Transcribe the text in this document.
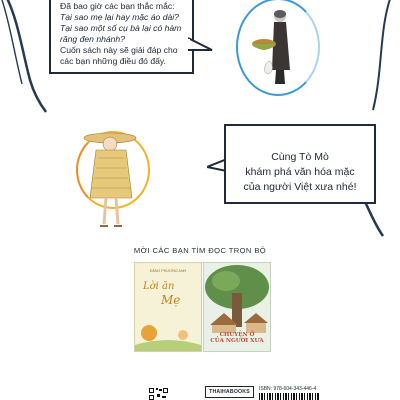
Đã bao giờ các bạn thắc mắc:
Tại sao mẹ lại hay mặc áo dài?
Tại sao một số cụ bà lại có hàm
răng đen nhánh?
Cuốn sách này sẽ giải đáp cho
các bạn những điều đó đấy.
Cùng Tò Mò
khám phá văn hóa mặc
của người Việt xưa nhé!
MỜI CÁC BẠN TÌM ĐỌC TRỌN BỘ
ĐẶNG PHƯƠNG ANH
Lời ăn
Mẹ
CHUYỆN Ở
CỦA NGƯỜI XƯA
THAIHABOOKS	ISBN: 978-604-343-446-4
